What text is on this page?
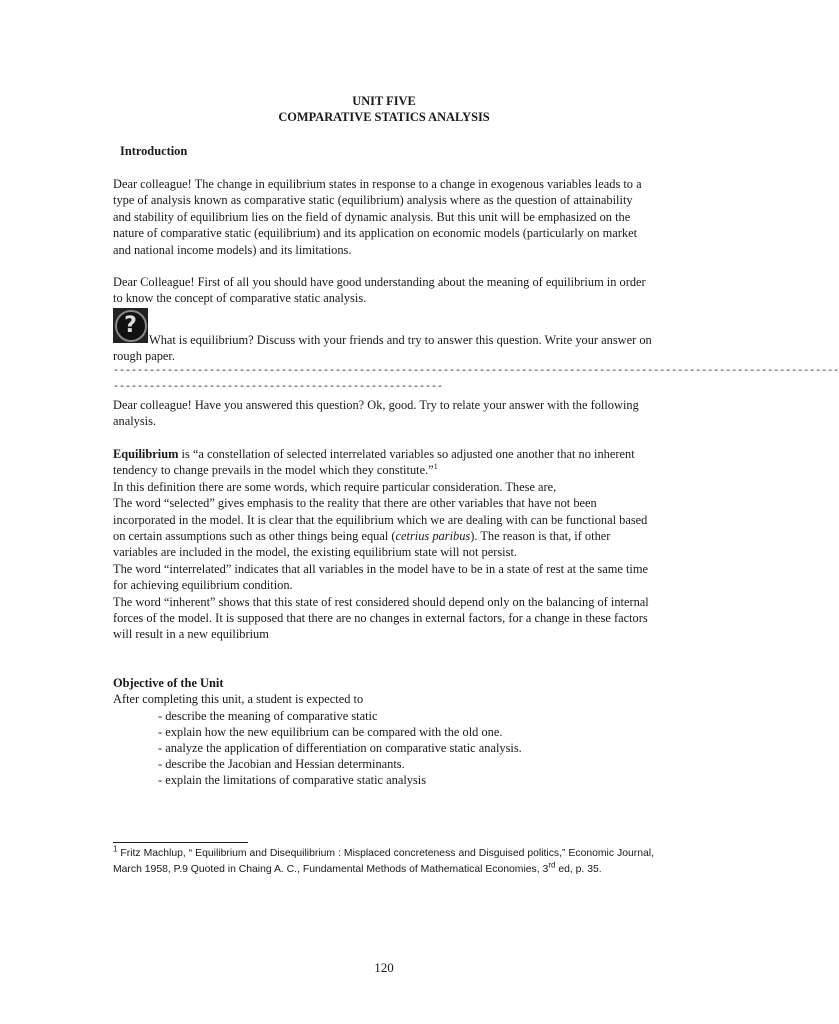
UNIT FIVE
COMPARATIVE STATICS ANALYSIS
Introduction
Dear colleague! The change in equilibrium states in response to a change in exogenous variables leads to a type of analysis known as comparative static (equilibrium) analysis where as the question of attainability and stability of equilibrium lies on the field of dynamic analysis. But this unit will be emphasized on the nature of comparative static (equilibrium) and its application on economic models (particularly on market and national income models) and its limitations.
Dear Colleague! First of all you should have good understanding about the meaning of equilibrium in order to know the concept of comparative static analysis.
?
What is equilibrium? Discuss with your friends and try to answer this question. Write your answer on rough paper.
-------------------------------------------------------------------------------------------------------------------------
-------------------------------------------------------
Dear colleague! Have you answered this question? Ok, good. Try to relate your answer with the following analysis.
Equilibrium is “a constellation of selected interrelated variables so adjusted one another that no inherent tendency to change prevails in the model which they constitute.”$^1$
In this definition there are some words, which require particular consideration. These are,
The word “selected” gives emphasis to the reality that there are other variables that have not been incorporated in the model. It is clear that the equilibrium which we are dealing with can be functional based on certain assumptions such as other things being equal (cetrius paribus). The reason is that, if other variables are included in the model, the existing equilibrium state will not persist.
The word “interrelated” indicates that all variables in the model have to be in a state of rest at the same time for achieving equilibrium condition.
The word “inherent” shows that this state of rest considered should depend only on the balancing of internal forces of the model. It is supposed that there are no changes in external factors, for a change in these factors will result in a new equilibrium
Objective of the Unit
After completing this unit, a student is expected to
- describe the meaning of comparative static
- explain how the new equilibrium can be compared with the old one.
- analyze the application of differentiation on comparative static analysis.
- describe the Jacobian and Hessian determinants.
- explain the limitations of comparative static analysis
$^1$ Fritz Machlup, “ Equilibrium and Disequilibrium : Misplaced concreteness and Disguised politics,” Economic Journal, March 1958, P.9 Quoted in Chaing A. C., Fundamental Methods of Mathematical Economies, 3rd ed, p. 35.
120
